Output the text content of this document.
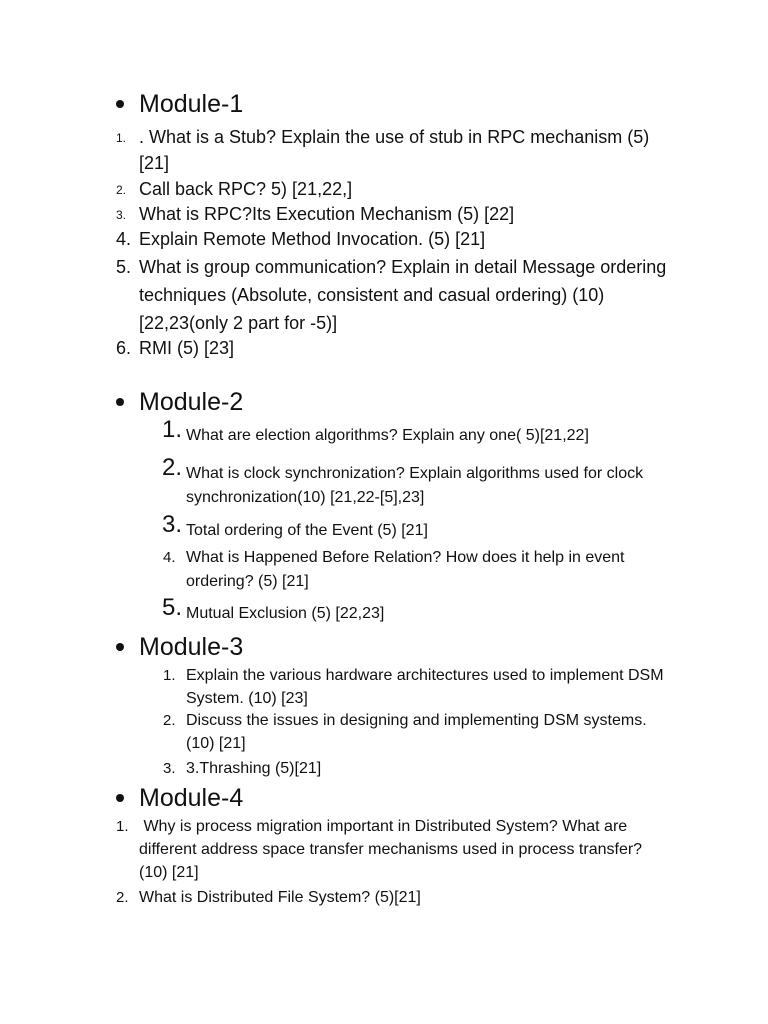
Module-1
1. . What is a Stub? Explain the use of stub in RPC mechanism (5) [21]
2. Call back RPC? 5) [21,22,]
3. What is RPC?Its Execution Mechanism (5) [22]
4. Explain Remote Method Invocation. (5) [21]
5. What is group communication? Explain in detail Message ordering techniques (Absolute, consistent and casual ordering) (10) [22,23(only 2 part for -5)]
6. RMI (5) [23]
Module-2
1. What are election algorithms? Explain any one( 5)[21,22]
2. What is clock synchronization? Explain algorithms used for clock synchronization(10) [21,22-[5],23]
3. Total ordering of the Event (5) [21]
4. What is Happened Before Relation? How does it help in event ordering? (5) [21]
5. Mutual Exclusion (5) [22,23]
Module-3
1. Explain the various hardware architectures used to implement DSM System. (10) [23]
2. Discuss the issues in designing and implementing DSM systems. (10) [21]
3. 3.Thrashing (5)[21]
Module-4
1. Why is process migration important in Distributed System? What are different address space transfer mechanisms used in process transfer? (10) [21]
2. What is Distributed File System? (5)[21]
